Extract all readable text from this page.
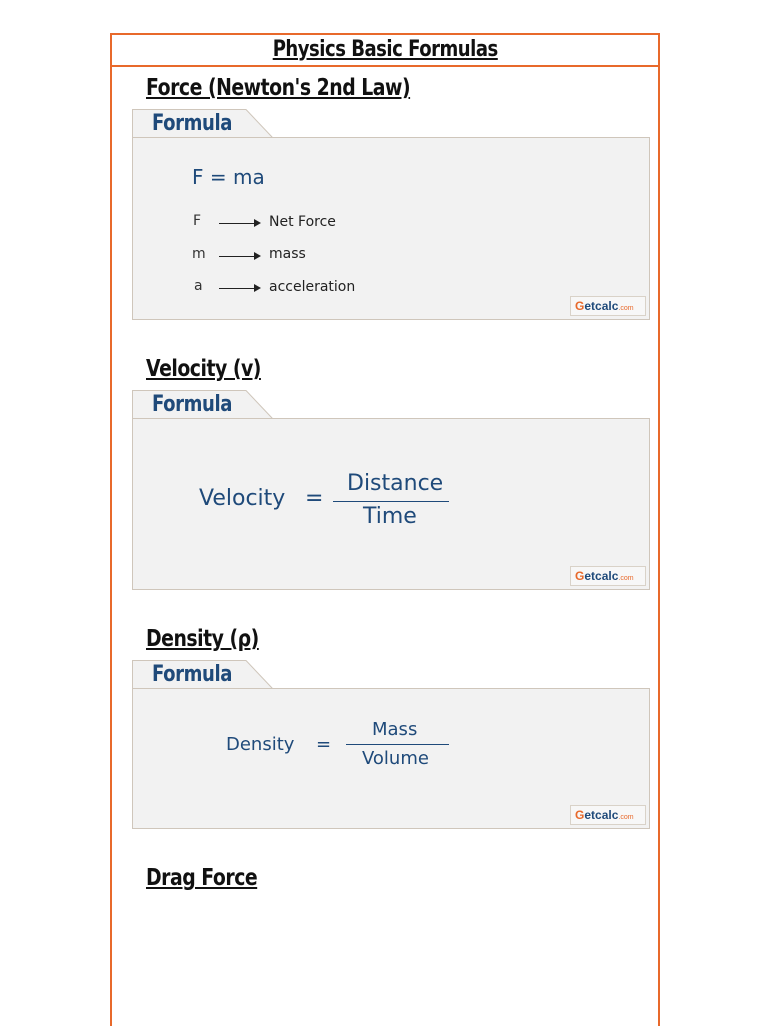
Physics Basic Formulas
Force (Newton's 2nd Law)
Formula
F = ma
F	Net Force
m	mass
a	acceleration
Getcalc.com
Velocity (v)
Formula
Velocity =
Distance
Time
Getcalc.com
Density (ρ)
Formula
Density =
Mass
Volume
Getcalc.com
Drag Force
